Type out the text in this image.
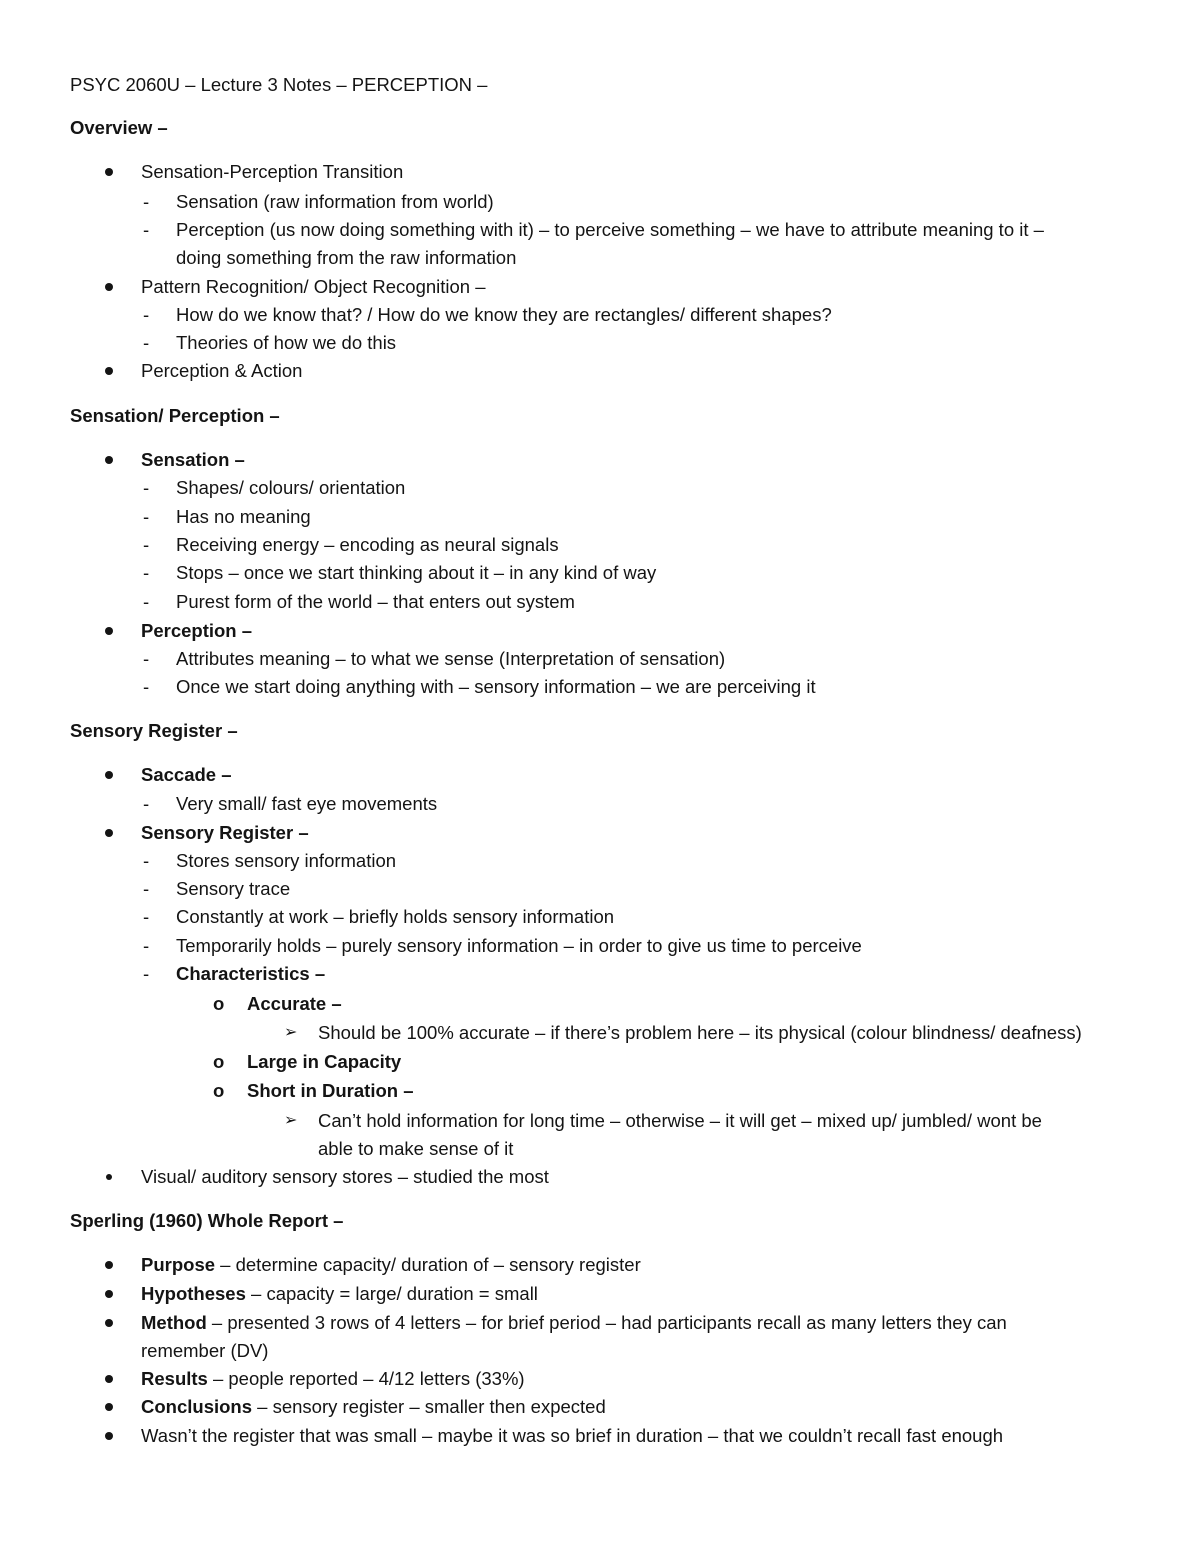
PSYC 2060U – Lecture 3 Notes – PERCEPTION –
Overview –
Sensation-Perception Transition
- Sensation (raw information from world)
- Perception (us now doing something with it) – to perceive something – we have to attribute meaning to it –
doing something from the raw information
Pattern Recognition/ Object Recognition –
- How do we know that? / How do we know they are rectangles/ different shapes?
- Theories of how we do this
Perception & Action
Sensation/ Perception –
Sensation –
- Shapes/ colours/ orientation
- Has no meaning
- Receiving energy – encoding as neural signals
- Stops – once we start thinking about it – in any kind of way
- Purest form of the world – that enters out system
Perception –
- Attributes meaning – to what we sense (Interpretation of sensation)
- Once we start doing anything with – sensory information – we are perceiving it
Sensory Register –
Saccade –
- Very small/ fast eye movements
Sensory Register –
- Stores sensory information
- Sensory trace
- Constantly at work – briefly holds sensory information
- Temporarily holds – purely sensory information – in order to give us time to perceive
- Characteristics –
o Accurate –
➢ Should be 100% accurate – if there’s problem here – its physical (colour blindness/ deafness)
o Large in Capacity
o Short in Duration –
➢ Can’t hold information for long time – otherwise – it will get – mixed up/ jumbled/ wont be
able to make sense of it
Visual/ auditory sensory stores – studied the most
Sperling (1960) Whole Report –
Purpose – determine capacity/ duration of – sensory register
Hypotheses – capacity = large/ duration = small
Method – presented 3 rows of 4 letters – for brief period – had participants recall as many letters they can
remember (DV)
Results – people reported – 4/12 letters (33%)
Conclusions – sensory register – smaller then expected
Wasn’t the register that was small – maybe it was so brief in duration – that we couldn’t recall fast enough
